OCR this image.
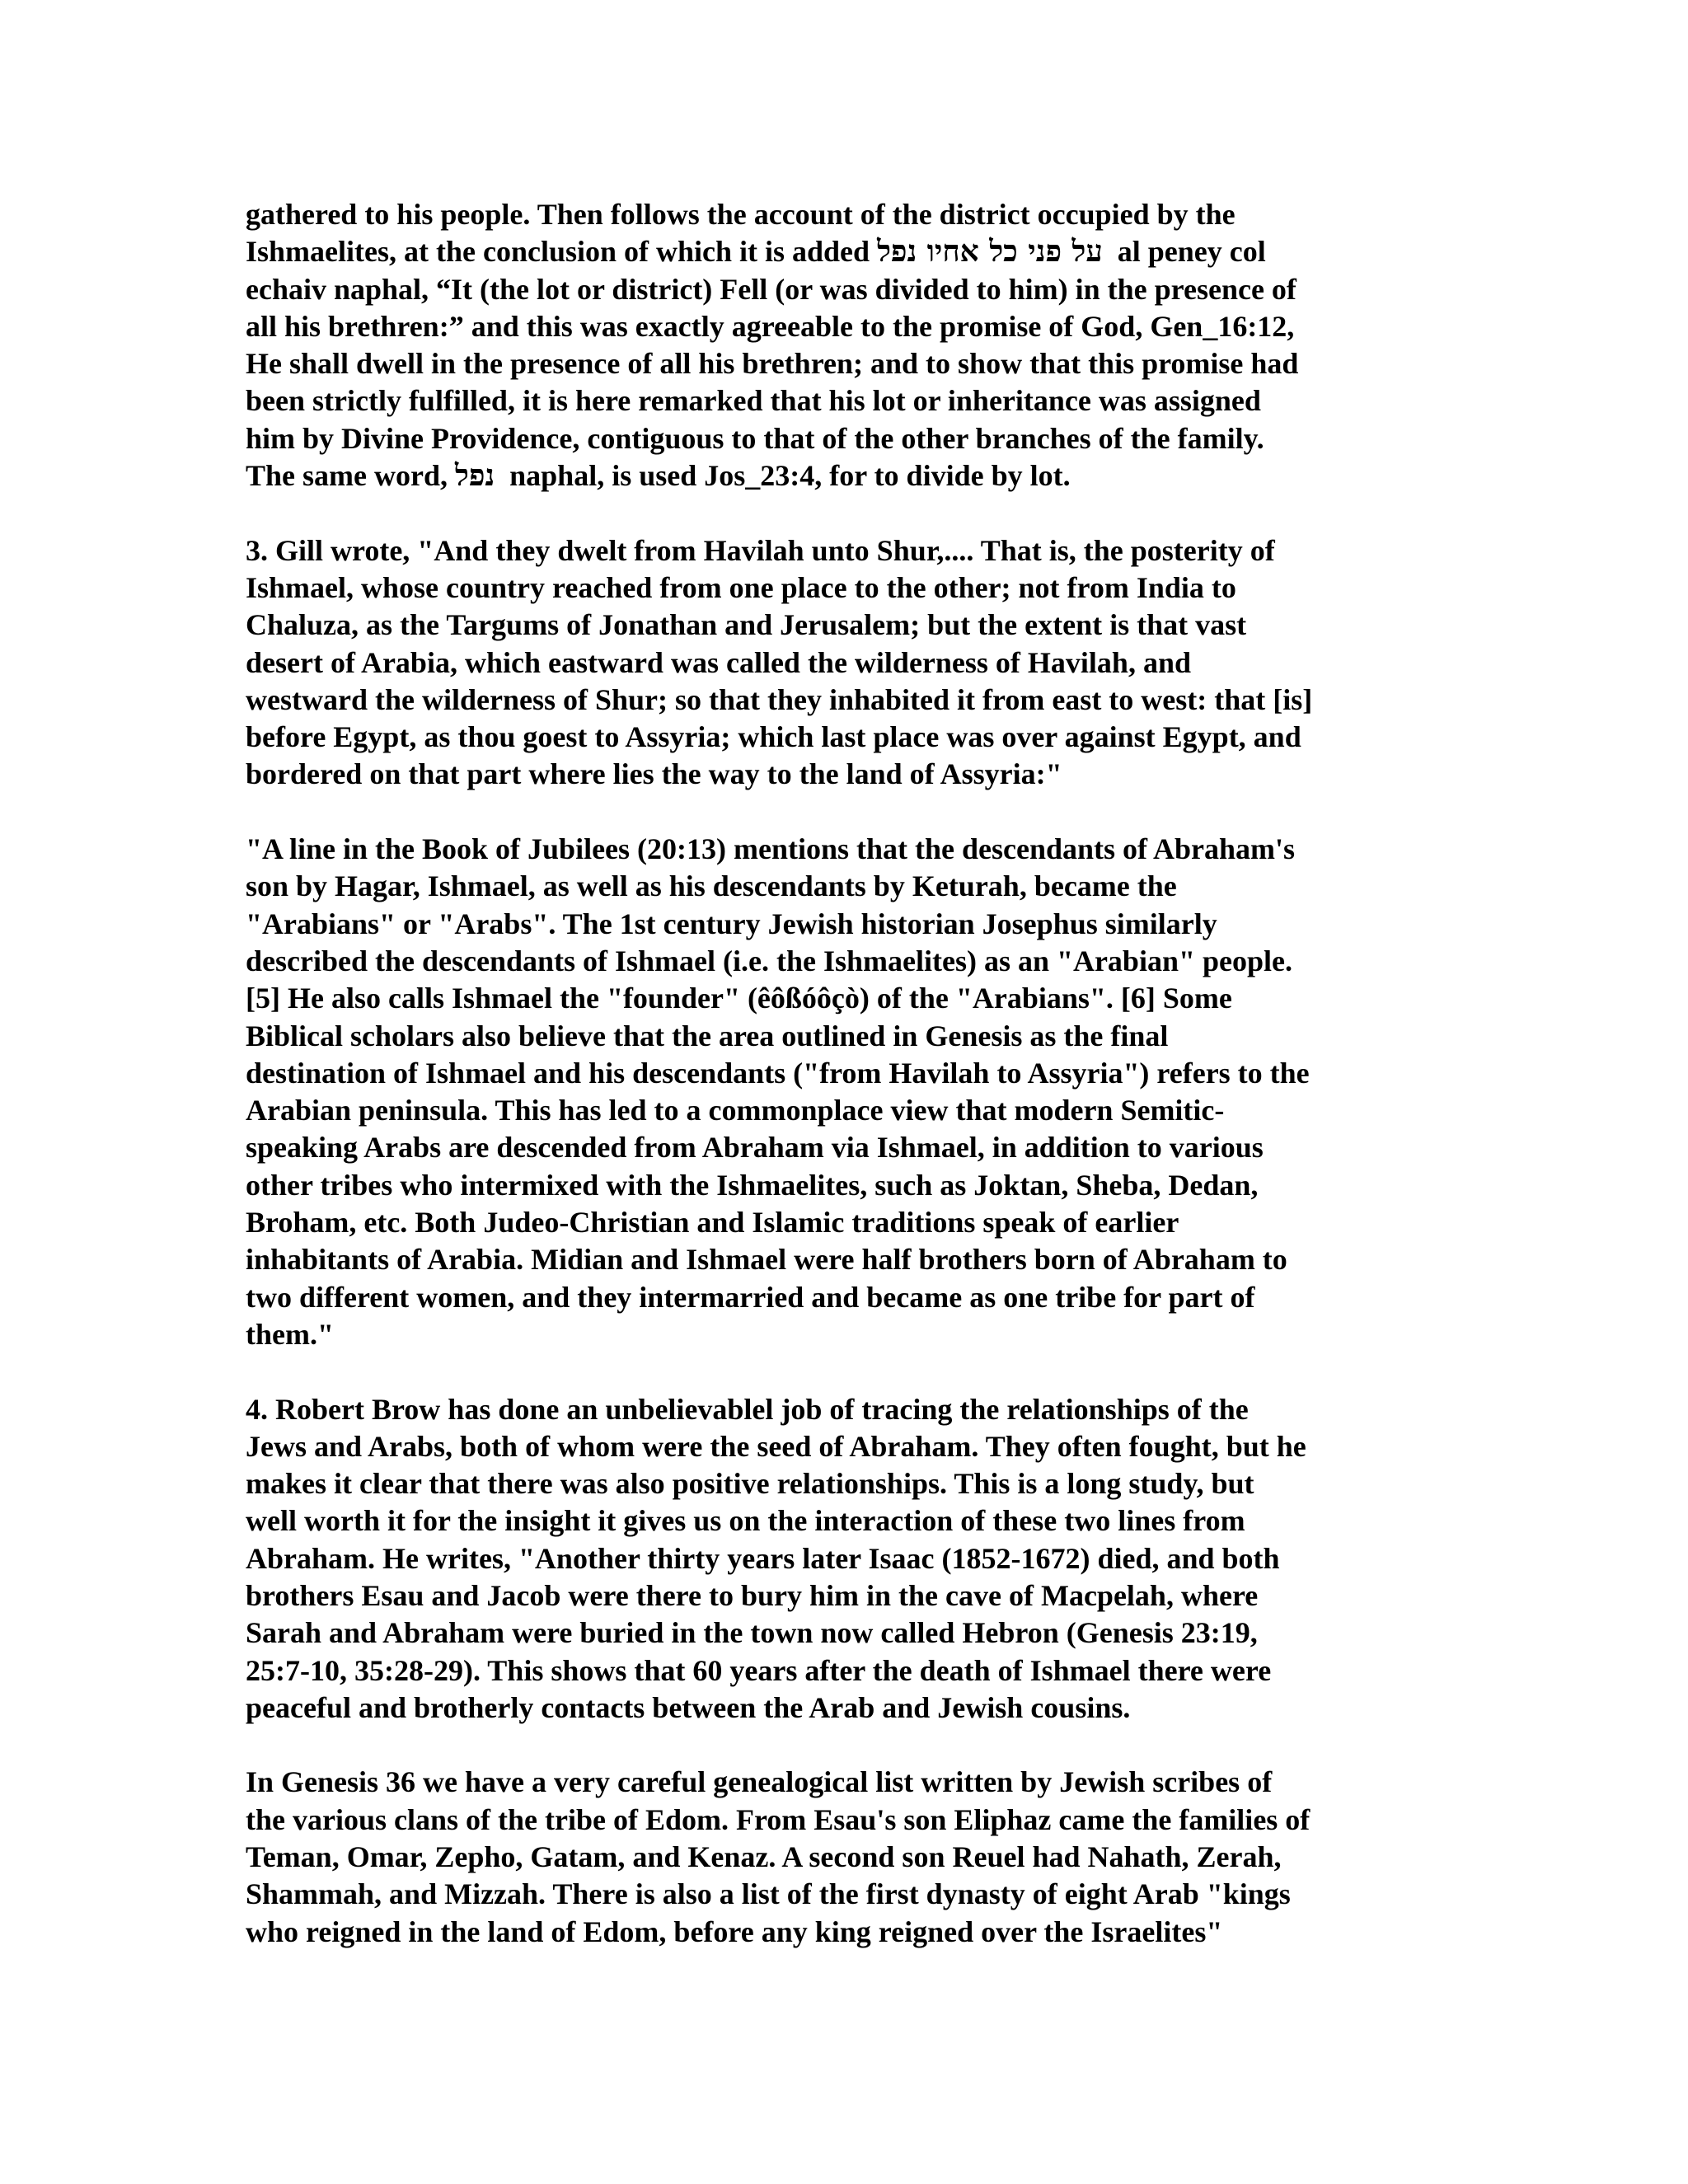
gathered to his people. Then follows the account of the district occupied by the
Ishmaelites, at the conclusion of which it is added על פני כל אחיו נפל  al peney col
echaiv naphal, “It (the lot or district) Fell (or was divided to him) in the presence of
all his brethren:” and this was exactly agreeable to the promise of God, Gen_16:12,
He shall dwell in the presence of all his brethren; and to show that this promise had
been strictly fulfilled, it is here remarked that his lot or inheritance was assigned
him by Divine Providence, contiguous to that of the other branches of the family.
The same word, נפל  naphal, is used Jos_23:4, for to divide by lot.
3. Gill wrote, "And they dwelt from Havilah unto Shur,.... That is, the posterity of
Ishmael, whose country reached from one place to the other; not from India to
Chaluza, as the Targums of Jonathan and Jerusalem; but the extent is that vast
desert of Arabia, which eastward was called the wilderness of Havilah, and
westward the wilderness of Shur; so that they inhabited it from east to west: that [is]
before Egypt, as thou goest to Assyria; which last place was over against Egypt, and
bordered on that part where lies the way to the land of Assyria:"
"A line in the Book of Jubilees (20:13) mentions that the descendants of Abraham's
son by Hagar, Ishmael, as well as his descendants by Keturah, became the
"Arabians" or "Arabs". The 1st century Jewish historian Josephus similarly
described the descendants of Ishmael (i.e. the Ishmaelites) as an "Arabian" people.
[5] He also calls Ishmael the "founder" (êôßóôçò) of the "Arabians". [6] Some
Biblical scholars also believe that the area outlined in Genesis as the final
destination of Ishmael and his descendants ("from Havilah to Assyria") refers to the
Arabian peninsula. This has led to a commonplace view that modern Semitic-
speaking Arabs are descended from Abraham via Ishmael, in addition to various
other tribes who intermixed with the Ishmaelites, such as Joktan, Sheba, Dedan,
Broham, etc. Both Judeo-Christian and Islamic traditions speak of earlier
inhabitants of Arabia. Midian and Ishmael were half brothers born of Abraham to
two different women, and they intermarried and became as one tribe for part of
them."
4. Robert Brow has done an unbelievablel job of tracing the relationships of the
Jews and Arabs, both of whom were the seed of Abraham. They often fought, but he
makes it clear that there was also positive relationships. This is a long study, but
well worth it for the insight it gives us on the interaction of these two lines from
Abraham. He writes, "Another thirty years later Isaac (1852-1672) died, and both
brothers Esau and Jacob were there to bury him in the cave of Macpelah, where
Sarah and Abraham were buried in the town now called Hebron (Genesis 23:19,
25:7-10, 35:28-29). This shows that 60 years after the death of Ishmael there were
peaceful and brotherly contacts between the Arab and Jewish cousins.
In Genesis 36 we have a very careful genealogical list written by Jewish scribes of
the various clans of the tribe of Edom. From Esau's son Eliphaz came the families of
Teman, Omar, Zepho, Gatam, and Kenaz. A second son Reuel had Nahath, Zerah,
Shammah, and Mizzah. There is also a list of the first dynasty of eight Arab "kings
who reigned in the land of Edom, before any king reigned over the Israelites"
